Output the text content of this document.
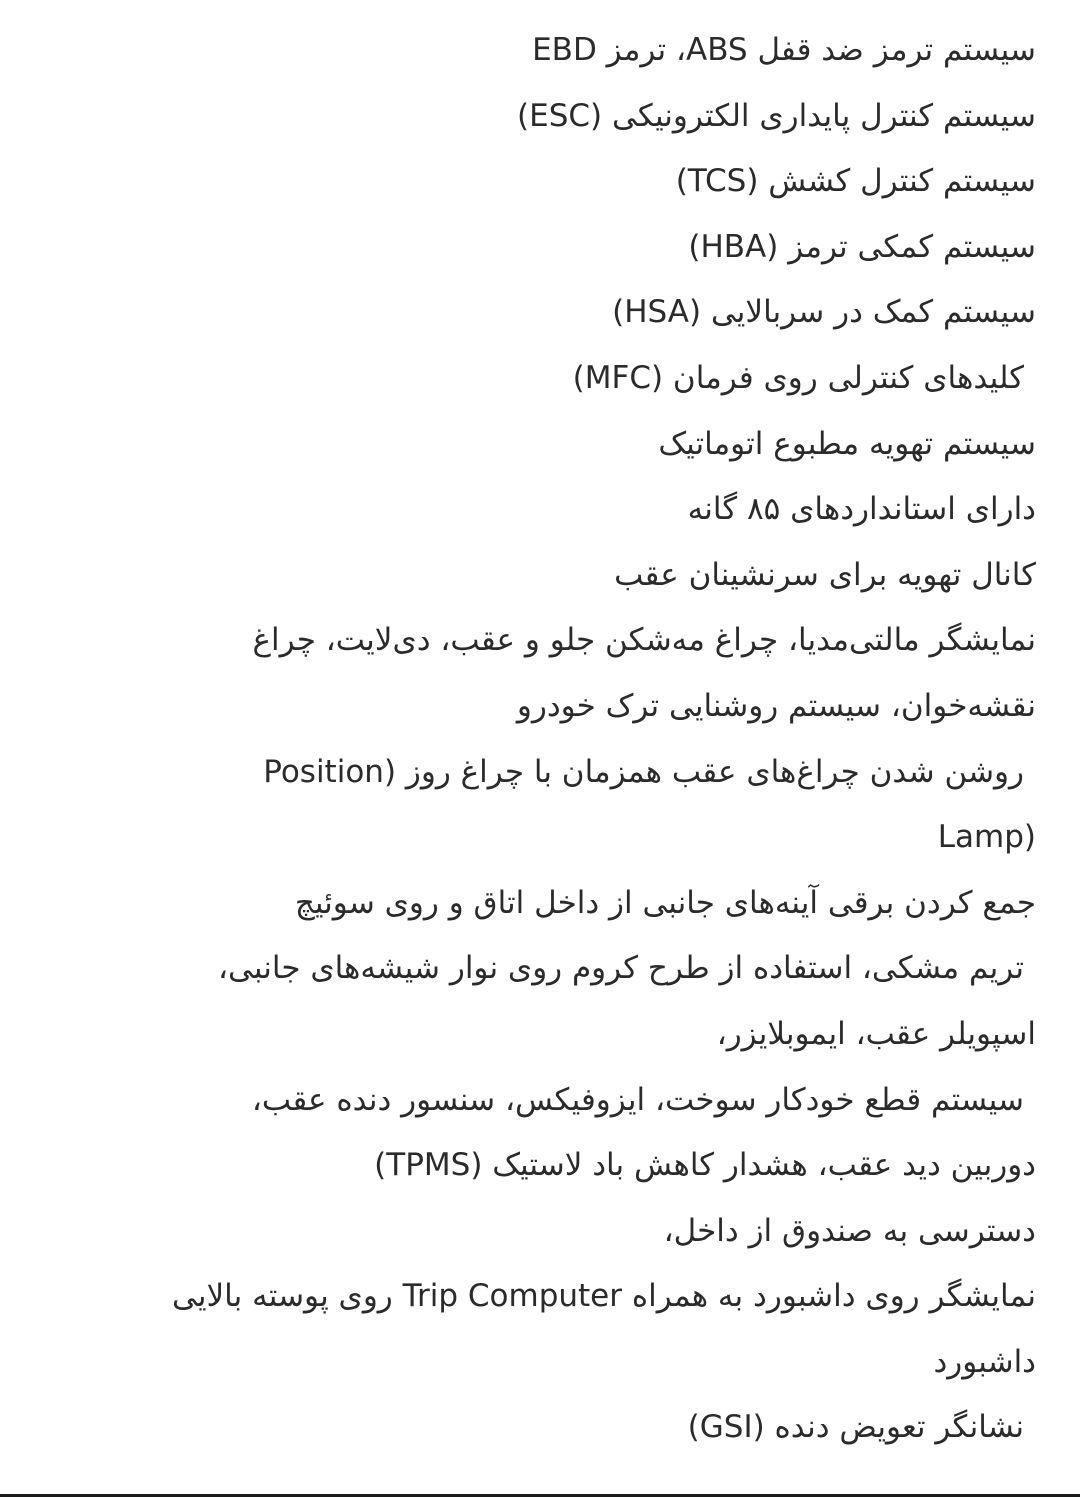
سیستم ترمز ضد قفل ABS، ترمز EBD
سیستم کنترل پایداری الکترونیکی (ESC)
سیستم کنترل کشش (TCS)
سیستم کمکی ترمز (HBA)
سیستم کمک در سربالایی (HSA)
کلیدهای کنترلی روی فرمان (MFC)
سیستم تهویه مطبوع اتوماتیک
دارای استانداردهای ۸۵ گانه
کانال تهویه برای سرنشینان عقب
نمایشگر مالتی‌مدیا، چراغ مه‌شکن جلو و عقب، دی‌لایت، چراغ
نقشه‌خوان، سیستم روشنایی ترک خودرو
روشن شدن چراغ‌های عقب همزمان با چراغ روز (Position
Lamp)
جمع کردن برقی آینه‌های جانبی از داخل اتاق و روی سوئیچ
تریم مشکی، استفاده از طرح کروم روی نوار شیشه‌های جانبی،
اسپویلر عقب، ایموبلایزر،
سیستم قطع خودکار سوخت، ایزوفیکس، سنسور دنده عقب،
دوربین دید عقب، هشدار کاهش باد لاستیک (TPMS)
دسترسی به صندوق از داخل،
نمایشگر روی داشبورد به همراه Trip Computer روی پوسته بالایی
داشبورد
نشانگر تعویض دنده (GSI)
